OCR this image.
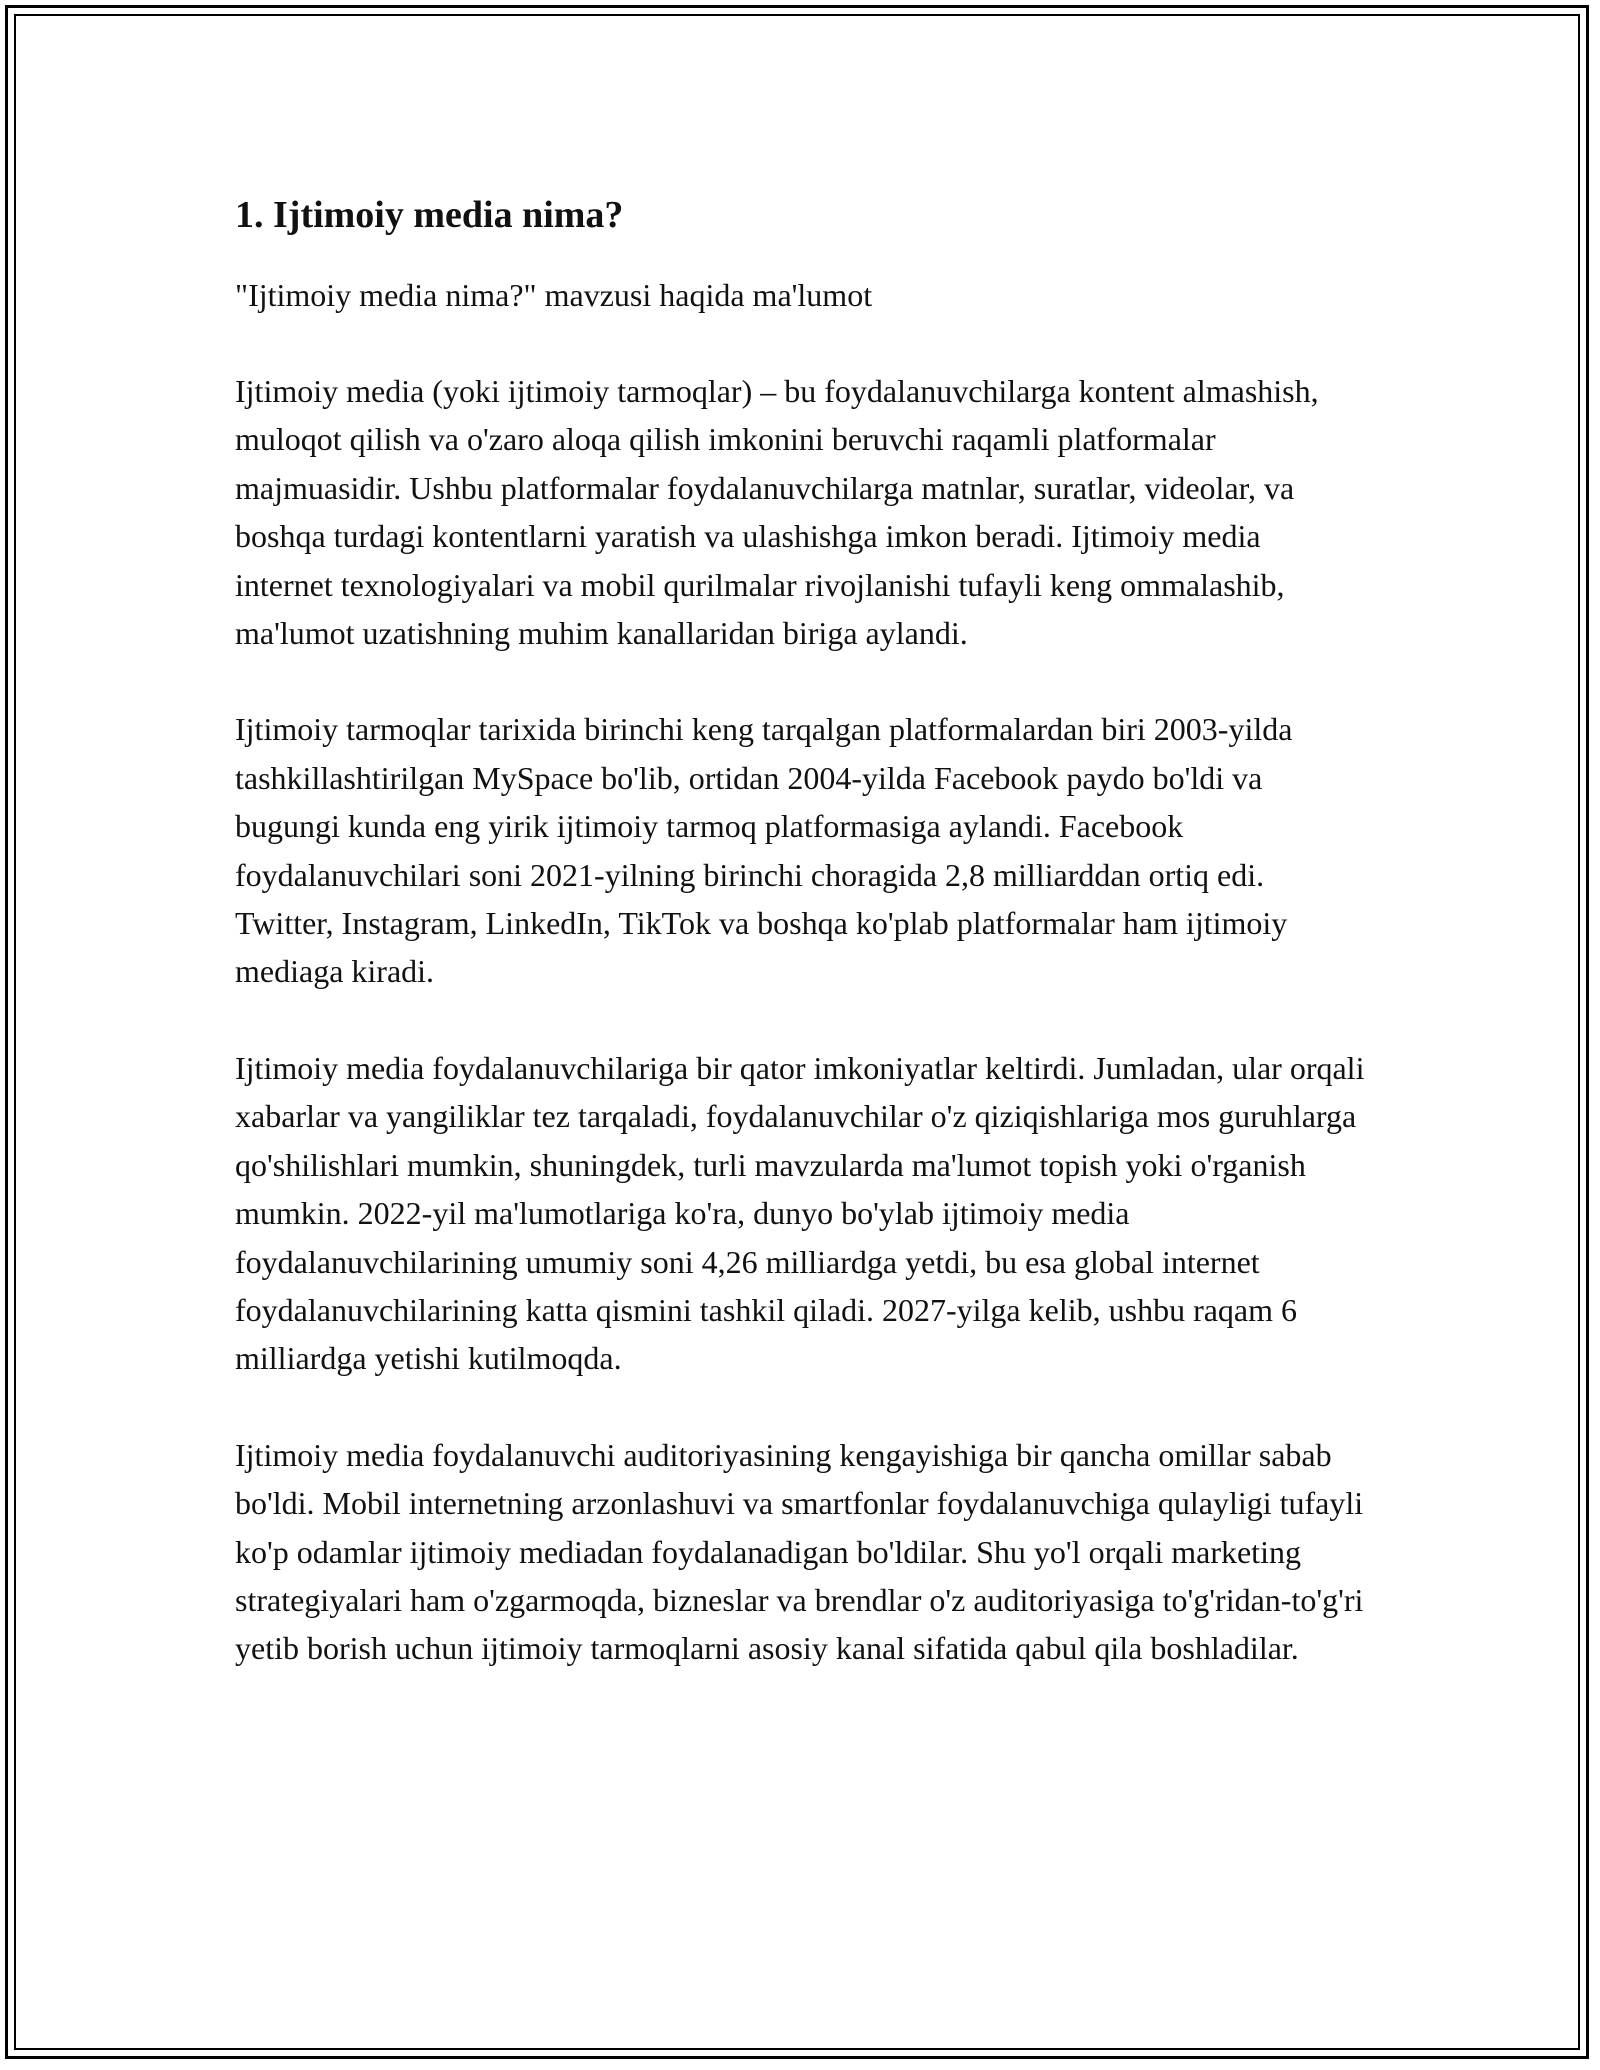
1. Ijtimoiy media nima?

"Ijtimoiy media nima?" mavzusi haqida ma'lumot

Ijtimoiy media (yoki ijtimoiy tarmoqlar) – bu foydalanuvchilarga kontent almashish, muloqot qilish va o'zaro aloqa qilish imkonini beruvchi raqamli platformalar majmuasidir. Ushbu platformalar foydalanuvchilarga matnlar, suratlar, videolar, va boshqa turdagi kontentlarni yaratish va ulashishga imkon beradi. Ijtimoiy media internet texnologiyalari va mobil qurilmalar rivojlanishi tufayli keng ommalashib, ma'lumot uzatishning muhim kanallaridan biriga aylandi.

Ijtimoiy tarmoqlar tarixida birinchi keng tarqalgan platformalardan biri 2003-yilda tashkillashtirilgan MySpace bo'lib, ortidan 2004-yilda Facebook paydo bo'ldi va bugungi kunda eng yirik ijtimoiy tarmoq platformasiga aylandi. Facebook foydalanuvchilari soni 2021-yilning birinchi choragida 2,8 milliarddan ortiq edi. Twitter, Instagram, LinkedIn, TikTok va boshqa ko'plab platformalar ham ijtimoiy mediaga kiradi.

Ijtimoiy media foydalanuvchilariga bir qator imkoniyatlar keltirdi. Jumladan, ular orqali xabarlar va yangiliklar tez tarqaladi, foydalanuvchilar o'z qiziqishlariga mos guruhlarga qo'shilishlari mumkin, shuningdek, turli mavzularda ma'lumot topish yoki o'rganish mumkin. 2022-yil ma'lumotlariga ko'ra, dunyo bo'ylab ijtimoiy media foydalanuvchilarining umumiy soni 4,26 milliardga yetdi, bu esa global internet foydalanuvchilarining katta qismini tashkil qiladi. 2027-yilga kelib, ushbu raqam 6 milliardga yetishi kutilmoqda.

Ijtimoiy media foydalanuvchi auditoriyasining kengayishiga bir qancha omillar sabab bo'ldi. Mobil internetning arzonlashuvi va smartfonlar foydalanuvchiga qulayligi tufayli ko'p odamlar ijtimoiy mediadan foydalanadigan bo'ldilar. Shu yo'l orqali marketing strategiyalari ham o'zgarmoqda, bizneslar va brendlar o'z auditoriyasiga to'g'ridan-to'g'ri yetib borish uchun ijtimoiy tarmoqlarni asosiy kanal sifatida qabul qila boshladilar.
